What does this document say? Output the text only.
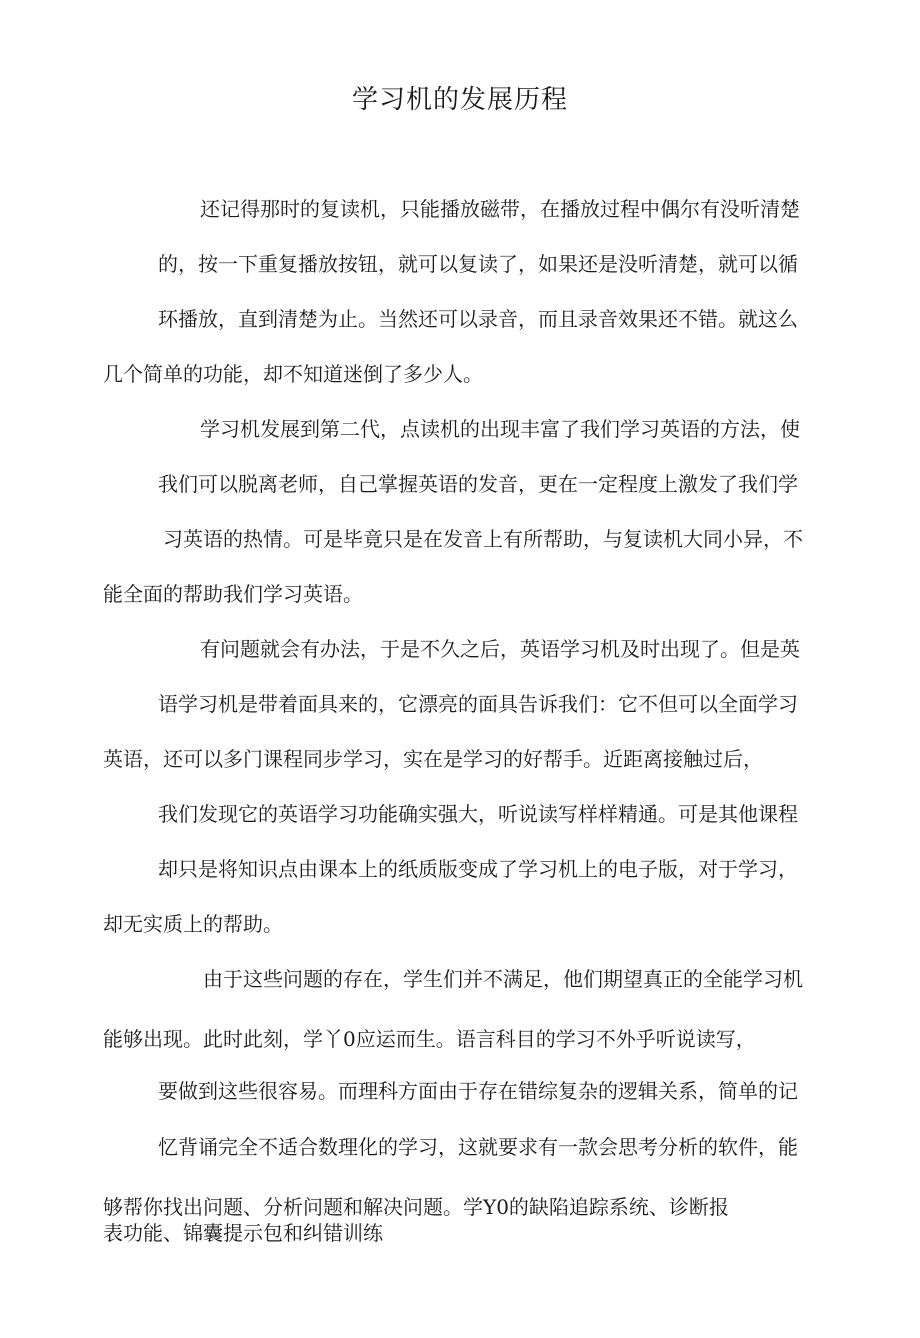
学习机的发展历程
还记得那时的复读机，只能播放磁带，在播放过程中偶尔有没听清楚
的，按一下重复播放按钮，就可以复读了，如果还是没听清楚，就可以循
环播放，直到清楚为止。当然还可以录音，而且录音效果还不错。就这么
几个简单的功能，却不知道迷倒了多少人。
学习机发展到第二代，点读机的出现丰富了我们学习英语的方法，使
我们可以脱离老师，自己掌握英语的发音，更在一定程度上激发了我们学
习英语的热情。可是毕竟只是在发音上有所帮助，与复读机大同小异，不
能全面的帮助我们学习英语。
有问题就会有办法，于是不久之后，英语学习机及时出现了。但是英
语学习机是带着面具来的，它漂亮的面具告诉我们：它不但可以全面学习
英语，还可以多门课程同步学习，实在是学习的好帮手。近距离接触过后，
我们发现它的英语学习功能确实强大，听说读写样样精通。可是其他课程
却只是将知识点由课本上的纸质版变成了学习机上的电子版，对于学习，
却无实质上的帮助。
由于这些问题的存在，学生们并不满足，他们期望真正的全能学习机
能够出现。此时此刻，学丫0应运而生。语言科目的学习不外乎听说读写，
要做到这些很容易。而理科方面由于存在错综复杂的逻辑关系，简单的记
忆背诵完全不适合数理化的学习，这就要求有一款会思考分析的软件，能
够帮你找出问题、分析问题和解决问题。学Y0的缺陷追踪系统、诊断报
表功能、锦囊提示包和纠错训练
